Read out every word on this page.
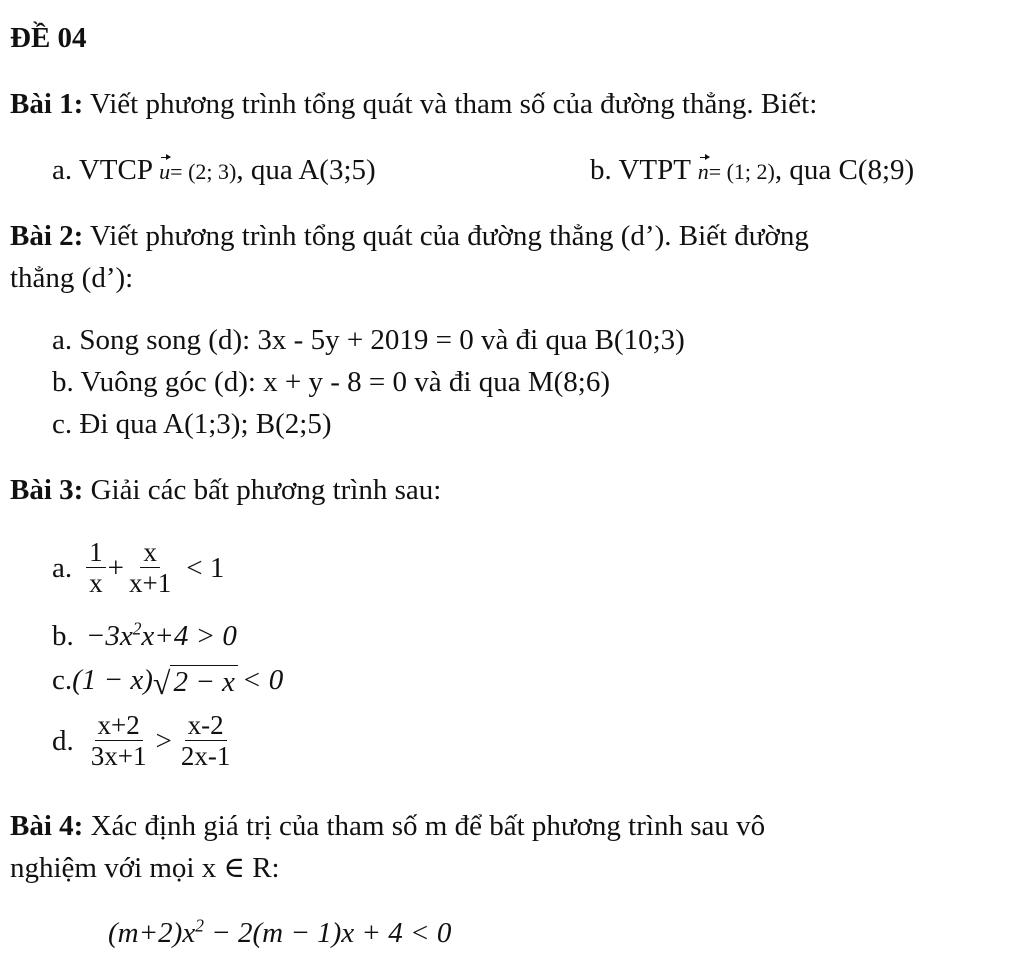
ĐỀ 04
Bài 1: Viết phương trình tổng quát và tham số của đường thẳng. Biết:
a. VTCP u= (2; 3), qua A(3;5)	b. VTPT n= (1; 2), qua C(8;9)
Bài 2: Viết phương trình tổng quát của đường thẳng (d’). Biết đường
thẳng (d’):
a. Song song (d): 3x - 5y + 2019 = 0 và đi qua B(10;3)
b. Vuông góc (d): x + y - 8 = 0 và đi qua M(8;6)
c. Đi qua A(1;3); B(2;5)
Bài 3: Giải các bất phương trình sau:
a. $\frac{1}{x} + \frac{x}{x+1} < 1$
b. $-3x^2x+4 > 0$
c. (1 − x) √ 2 − x < 0
d. $\frac{x+2}{3x+1} > \frac{x-2}{2x-1}$
Bài 4: Xác định giá trị của tham số m để bất phương trình sau vô
nghiệm với mọi x ∈ R:
$(m+2)x^2 - 2(m - 1)x + 4 < 0$
